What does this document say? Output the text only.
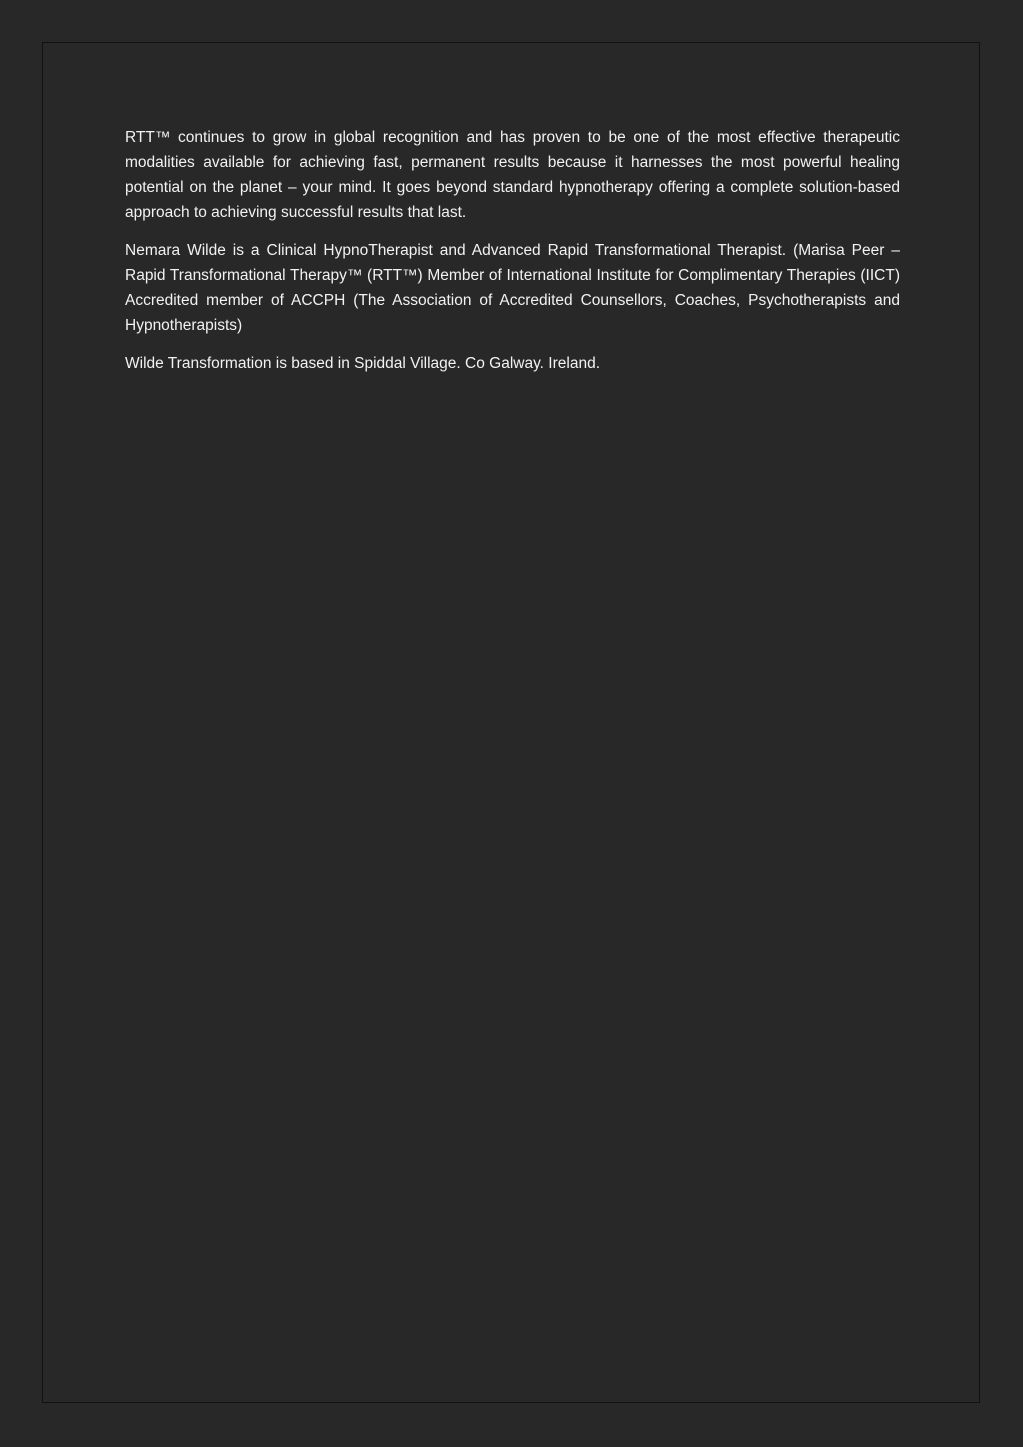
RTT™ continues to grow in global recognition and has proven to be one of the most effective therapeutic modalities available for achieving fast, permanent results because it harnesses the most powerful healing potential on the planet – your mind. It goes beyond standard hypnotherapy offering a complete solution-based approach to achieving successful results that last.

Nemara Wilde is a Clinical HypnoTherapist and Advanced Rapid Transformational Therapist. (Marisa Peer – Rapid Transformational Therapy™ (RTT™) Member of International Institute for Complimentary Therapies (IICT) Accredited member of ACCPH (The Association of Accredited Counsellors, Coaches, Psychotherapists and Hypnotherapists)

Wilde Transformation is based in Spiddal Village. Co Galway. Ireland.
